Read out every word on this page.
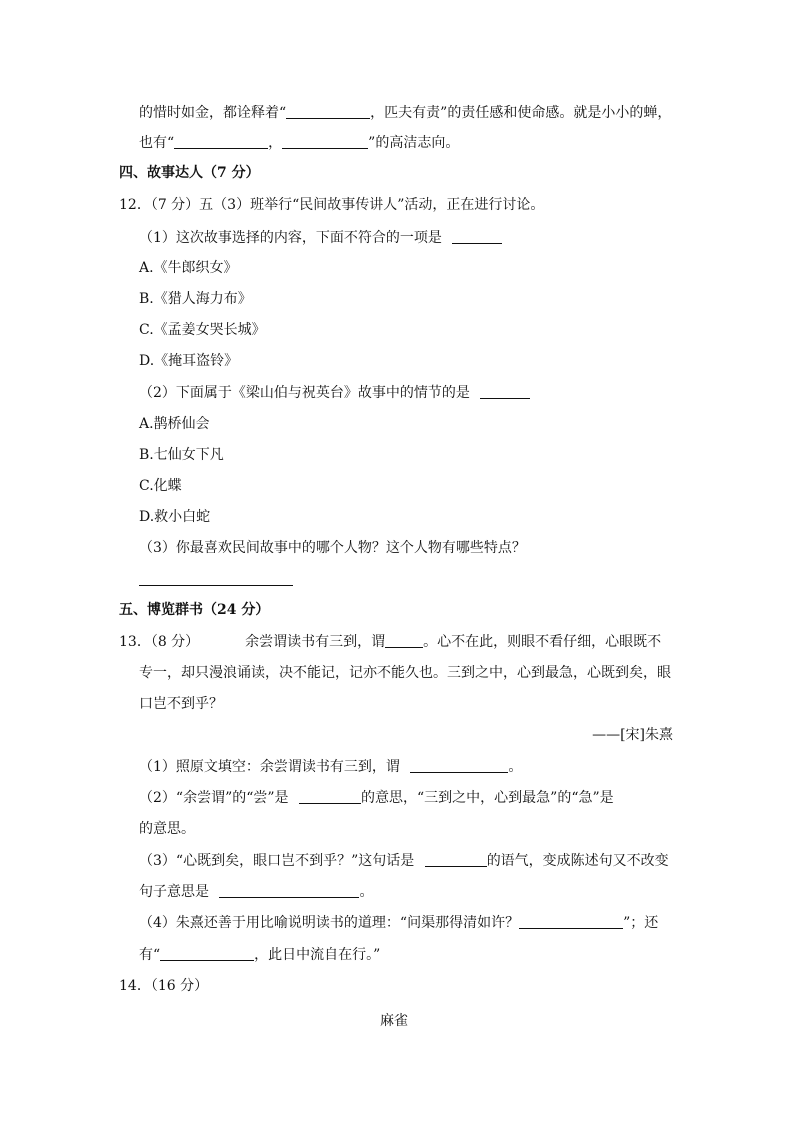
的惜时如金，都诠释着“	，匹夫有责”的责任感和使命感。就是小小的蝉，
也有“	，	”的高洁志向。
四、故事达人（7 分）
12．（7 分）五（3）班举行“民间故事传讲人”活动，正在进行讨论。
（1）这次故事选择的内容，下面不符合的一项是
A.《牛郎织女》
B.《猎人海力布》
C.《孟姜女哭长城》
D.《掩耳盗铃》
（2）下面属于《梁山伯与祝英台》故事中的情节的是
A.鹊桥仙会
B.七仙女下凡
C.化蝶
D.救小白蛇
（3）你最喜欢民间故事中的哪个人物？这个人物有哪些特点？
五、博览群书（24 分）
13．（8 分）	余尝谓读书有三到，谓	。心不在此，则眼不看仔细，心眼既不
专一，却只漫浪诵读，决不能记，记亦不能久也。三到之中，心到最急，心既到矣，眼
口岂不到乎？
——[宋]朱熹
（1）照原文填空：余尝谓读书有三到，谓	。
（2）“余尝谓”的“尝”是	的意思，“三到之中，心到最急”的“急”是
的意思。
（3）“心既到矣，眼口岂不到乎？”这句话是	的语气，变成陈述句又不改变
句子意思是	。
（4）朱熹还善于用比喻说明读书的道理：“问渠那得清如许？	”；还
有“	，此日中流自在行。”
14．（16 分）
麻雀
